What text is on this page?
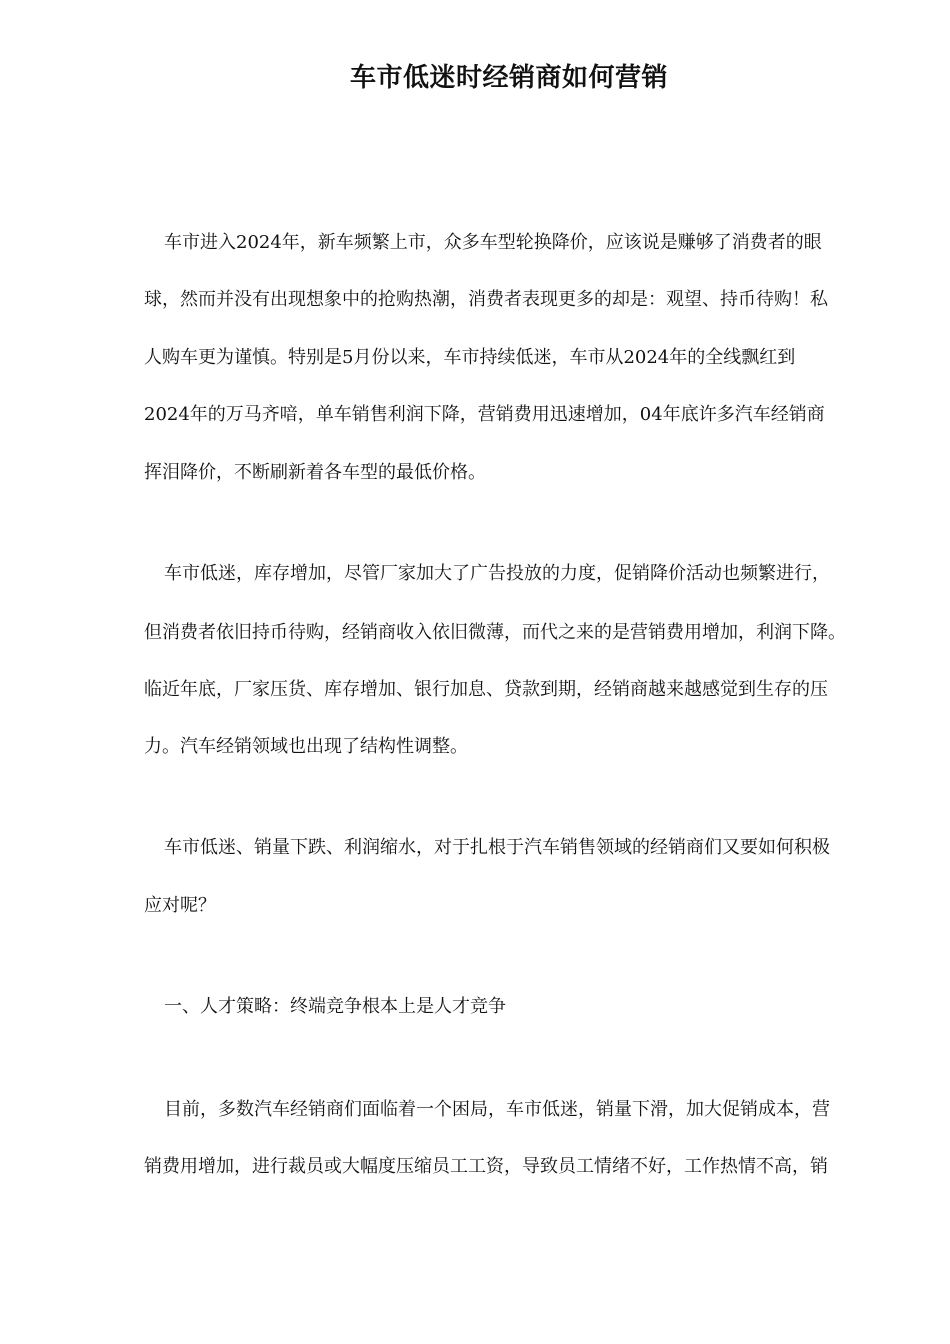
车市低迷时经销商如何营销

车市进入2024年，新车频繁上市，众多车型轮换降价，应该说是赚够了消费者的眼

球，然而并没有出现想象中的抢购热潮，消费者表现更多的却是：观望、持币待购！私

人购车更为谨慎。特别是5月份以来，车市持续低迷，车市从2024年的全线飘红到

2024年的万马齐喑，单车销售利润下降，营销费用迅速增加，04年底许多汽车经销商

挥泪降价，不断刷新着各车型的最低价格。

车市低迷，库存增加，尽管厂家加大了广告投放的力度，促销降价活动也频繁进行，

但消费者依旧持币待购，经销商收入依旧微薄，而代之来的是营销费用增加，利润下降。

临近年底，厂家压货、库存增加、银行加息、贷款到期，经销商越来越感觉到生存的压

力。汽车经销领域也出现了结构性调整。

车市低迷、销量下跌、利润缩水，对于扎根于汽车销售领域的经销商们又要如何积极

应对呢？

一、人才策略：终端竞争根本上是人才竞争

目前，多数汽车经销商们面临着一个困局，车市低迷，销量下滑，加大促销成本，营

销费用增加，进行裁员或大幅度压缩员工工资，导致员工情绪不好，工作热情不高，销
